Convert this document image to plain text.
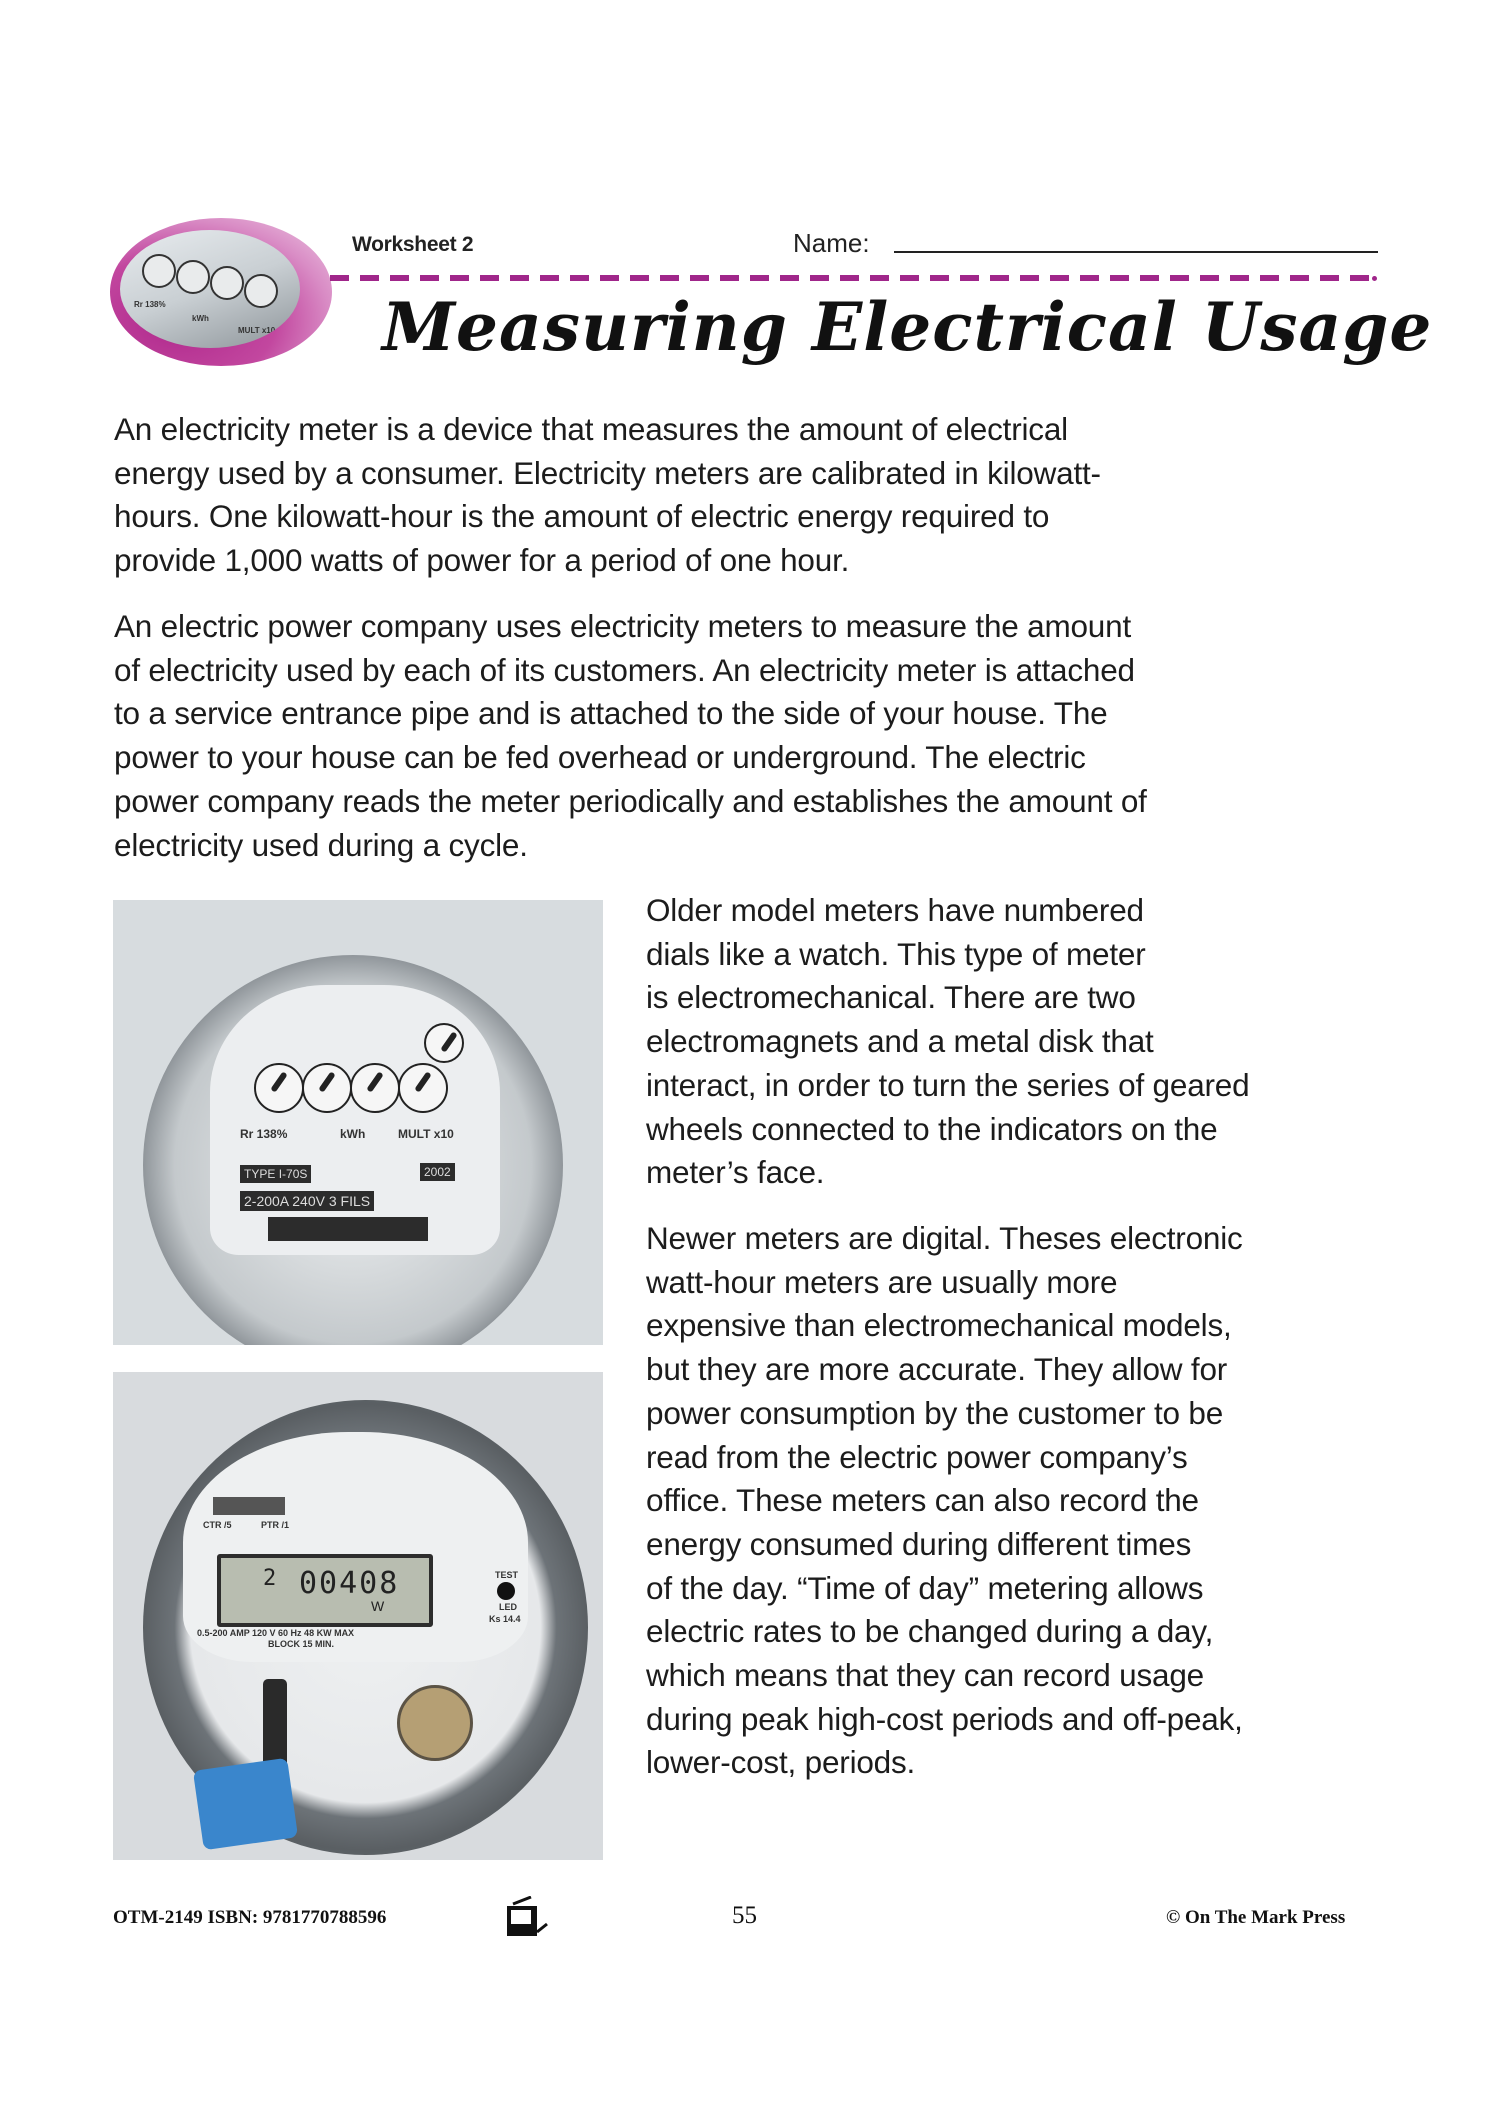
Rr 138%
kWh
MULT x10
Worksheet 2	Name:
Measuring Electrical Usage

An electricity meter is a device that measures the amount of electrical
energy used by a consumer. Electricity meters are calibrated in kilowatt-
hours. One kilowatt-hour is the amount of electric energy required to
provide 1,000 watts of power for a period of one hour.

An electric power company uses electricity meters to measure the amount
of electricity used by each of its customers. An electricity meter is attached
to a service entrance pipe and is attached to the side of your house. The
power to your house can be fed overhead or underground. The electric
power company reads the meter periodically and establishes the amount of
electricity used during a cycle.

Older model meters have numbered
dials like a watch. This type of meter
is electromechanical. There are two
electromagnets and a metal disk that
interact, in order to turn the series of geared
wheels connected to the indicators on the
meter’s face.

Newer meters are digital. Theses electronic
watt-hour meters are usually more
expensive than electromechanical models,
but they are more accurate. They allow for
power consumption by the customer to be
read from the electric power company’s
office. These meters can also record the
energy consumed during different times
of the day. “Time of day” metering allows
electric rates to be changed during a day,
which means that they can record usage
during peak high-cost periods and off-peak,
lower-cost, periods.

Rr 138%	kWh	MULT x10
TYPE I-70S	2002
2-200A 240V 3 FILS
CTR /5	PTR /1
2 00408
W
0.5-200 AMP 120 V 60 Hz 48 KW MAX
BLOCK 15 MIN.
TEST
LED
Ks 14.4
OTM-2149 ISBN: 9781770788596	55	© On The Mark Press
